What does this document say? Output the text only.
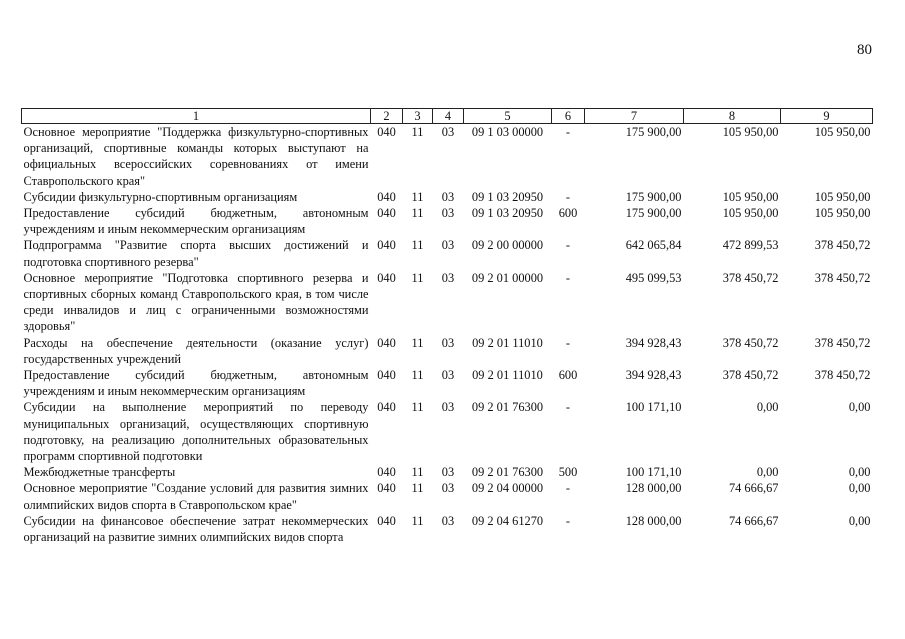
80
1	2	3	4	5	6	7	8	9
Основное мероприятие "Поддержка физкультурно-спортивных организаций, спортивные команды которых выступают на официальных всероссийских соревнованиях от имени Ставропольского края"	040	11	03	09 1 03 00000	-	175 900,00	105 950,00	105 950,00
Субсидии физкультурно-спортивным организациям	040	11	03	09 1 03 20950	-	175 900,00	105 950,00	105 950,00
Предоставление субсидий бюджетным, автономным учреждениям и иным некоммерческим организациям	040	11	03	09 1 03 20950	600	175 900,00	105 950,00	105 950,00
Подпрограмма "Развитие спорта высших достижений и подготовка спортивного резерва"	040	11	03	09 2 00 00000	-	642 065,84	472 899,53	378 450,72
Основное мероприятие "Подготовка спортивного резерва и спортивных сборных команд Ставропольского края, в том числе среди инвалидов и лиц с ограниченными возможностями здоровья"	040	11	03	09 2 01 00000	-	495 099,53	378 450,72	378 450,72
Расходы на обеспечение деятельности (оказание услуг) государственных учреждений	040	11	03	09 2 01 11010	-	394 928,43	378 450,72	378 450,72
Предоставление субсидий бюджетным, автономным учреждениям и иным некоммерческим организациям	040	11	03	09 2 01 11010	600	394 928,43	378 450,72	378 450,72
Субсидии на выполнение мероприятий по переводу муниципальных организаций, осуществляющих спортивную подготовку, на реализацию дополнительных образовательных программ спортивной подготовки	040	11	03	09 2 01 76300	-	100 171,10	0,00	0,00
Межбюджетные трансферты	040	11	03	09 2 01 76300	500	100 171,10	0,00	0,00
Основное мероприятие "Создание условий для развития зимних олимпийских видов спорта в Ставропольском крае"	040	11	03	09 2 04 00000	-	128 000,00	74 666,67	0,00
Субсидии на финансовое обеспечение затрат некоммерческих организаций на развитие зимних олимпийских видов спорта	040	11	03	09 2 04 61270	-	128 000,00	74 666,67	0,00
